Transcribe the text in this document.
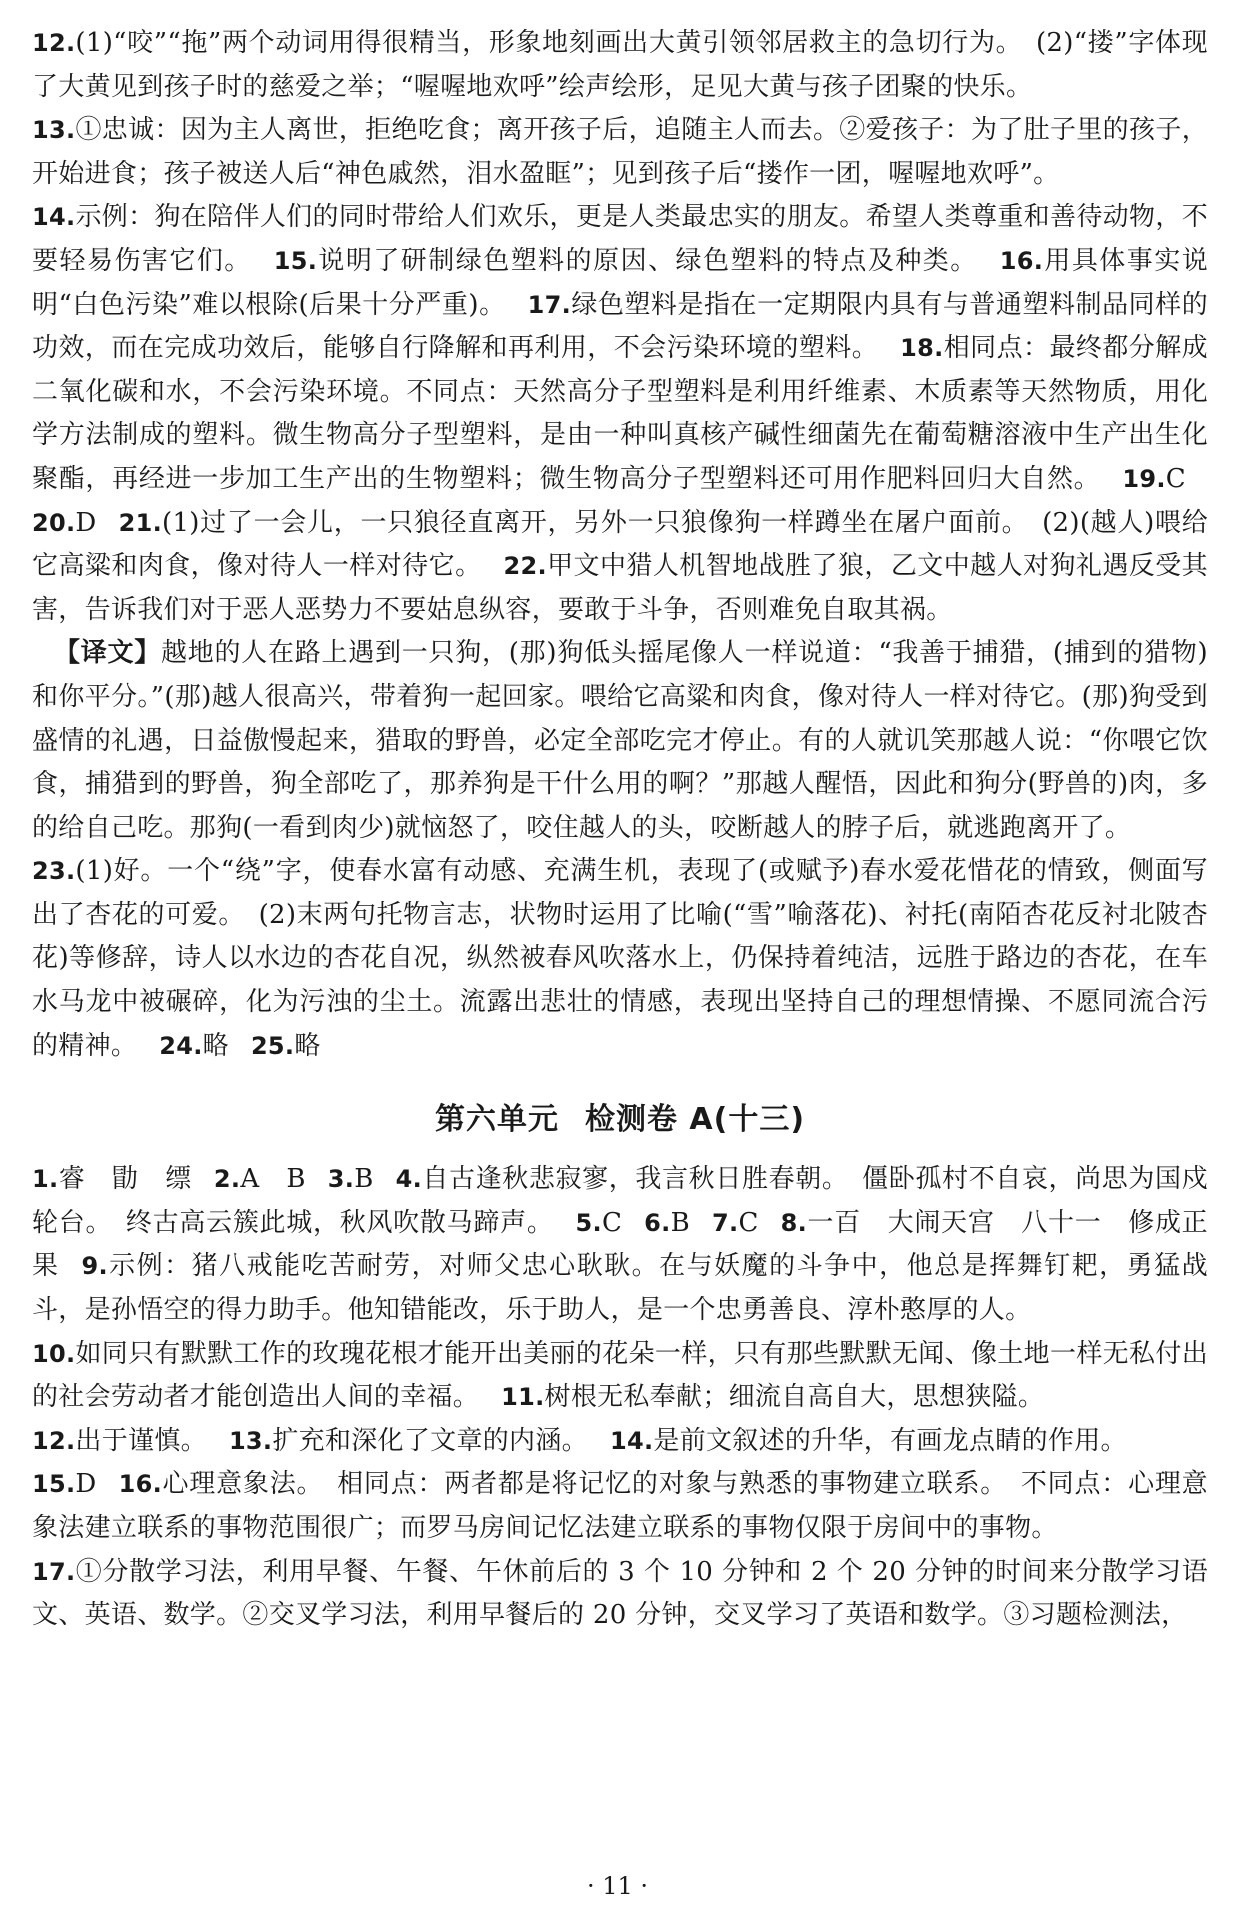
12.(1)“咬”“拖”两个动词用得很精当，形象地刻画出大黄引领邻居救主的急切行为。　(2)“搂”字体现了大黄见到孩子时的慈爱之举；“喔喔地欢呼”绘声绘形，足见大黄与孩子团聚的快乐。

13.①忠诚：因为主人离世，拒绝吃食；离开孩子后，追随主人而去。②爱孩子：为了肚子里的孩子，开始进食；孩子被送人后“神色戚然，泪水盈眶”；见到孩子后“搂作一团，喔喔地欢呼”。

14.示例：狗在陪伴人们的同时带给人们欢乐，更是人类最忠实的朋友。希望人类尊重和善待动物，不要轻易伤害它们。 15.说明了研制绿色塑料的原因、绿色塑料的特点及种类。 16.用具体事实说明“白色污染”难以根除(后果十分严重)。 17.绿色塑料是指在一定期限内具有与普通塑料制品同样的功效，而在完成功效后，能够自行降解和再利用，不会污染环境的塑料。 18.相同点：最终都分解成二氧化碳和水，不会污染环境。不同点：天然高分子型塑料是利用纤维素、木质素等天然物质，用化学方法制成的塑料。微生物高分子型塑料，是由一种叫真核产碱性细菌先在葡萄糖溶液中生产出生化聚酯，再经进一步加工生产出的生物塑料；微生物高分子型塑料还可用作肥料回归大自然。 19.C20.D 21.(1)过了一会儿，一只狼径直离开，另外一只狼像狗一样蹲坐在屠户面前。　(2)(越人)喂给它高粱和肉食，像对待人一样对待它。 22.甲文中猎人机智地战胜了狼，乙文中越人对狗礼遇反受其害，告诉我们对于恶人恶势力不要姑息纵容，要敢于斗争，否则难免自取其祸。

【译文】越地的人在路上遇到一只狗，(那)狗低头摇尾像人一样说道：“我善于捕猎，(捕到的猎物)和你平分。”(那)越人很高兴，带着狗一起回家。喂给它高粱和肉食，像对待人一样对待它。(那)狗受到盛情的礼遇，日益傲慢起来，猎取的野兽，必定全部吃完才停止。有的人就讥笑那越人说：“你喂它饮食，捕猎到的野兽，狗全部吃了，那养狗是干什么用的啊？”那越人醒悟，因此和狗分(野兽的)肉，多的给自己吃。那狗(一看到肉少)就恼怒了，咬住越人的头，咬断越人的脖子后，就逃跑离开了。

23.(1)好。一个“绕”字，使春水富有动感、充满生机，表现了(或赋予)春水爱花惜花的情致，侧面写出了杏花的可爱。　(2)末两句托物言志，状物时运用了比喻(“雪”喻落花)、衬托(南陌杏花反衬北陂杏花)等修辞，诗人以水边的杏花自况，纵然被春风吹落水上，仍保持着纯洁，远胜于路边的杏花，在车水马龙中被碾碎，化为污浊的尘土。流露出悲壮的情感，表现出坚持自己的理想情操、不愿同流合污的精神。 24.略 25.略

第六单元 检测卷 A(十三)

1.睿　勖　缥 2.A　B 3.B 4.自古逢秋悲寂寥，我言秋日胜春朝。　僵卧孤村不自哀，尚思为国戍轮台。　终古高云簇此城，秋风吹散马蹄声。 5.C 6.B 7.C 8.一百　大闹天宫　八十一　修成正果 9.示例：猪八戒能吃苦耐劳，对师父忠心耿耿。在与妖魔的斗争中，他总是挥舞钉耙，勇猛战斗，是孙悟空的得力助手。他知错能改，乐于助人，是一个忠勇善良、淳朴憨厚的人。

10.如同只有默默工作的玫瑰花根才能开出美丽的花朵一样，只有那些默默无闻、像土地一样无私付出的社会劳动者才能创造出人间的幸福。 11.树根无私奉献；细流自高自大，思想狭隘。

12.出于谨慎。 13.扩充和深化了文章的内涵。 14.是前文叙述的升华，有画龙点睛的作用。

15.D 16.心理意象法。　相同点：两者都是将记忆的对象与熟悉的事物建立联系。　不同点：心理意象法建立联系的事物范围很广；而罗马房间记忆法建立联系的事物仅限于房间中的事物。

17.①分散学习法，利用早餐、午餐、午休前后的 3 个 10 分钟和 2 个 20 分钟的时间来分散学习语文、英语、数学。②交叉学习法，利用早餐后的 20 分钟，交叉学习了英语和数学。③习题检测法，

· 11 ·
